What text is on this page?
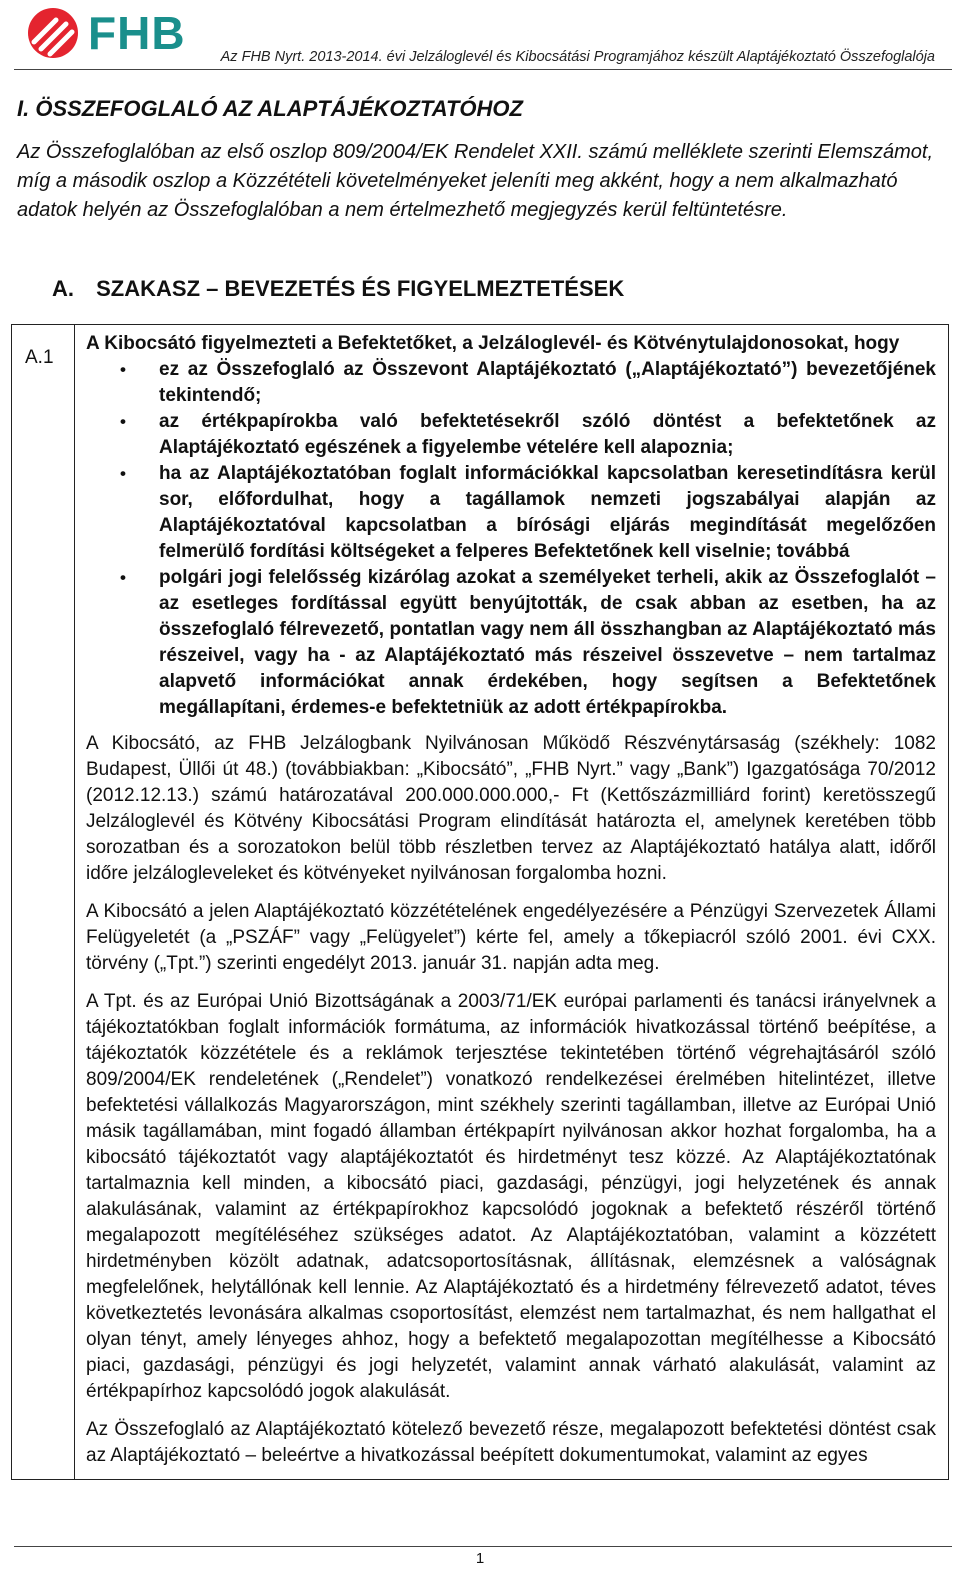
FHB Az FHB Nyrt. 2013-2014. évi Jelzáloglevél és Kibocsátási Programjához készült Alaptájékoztató Összefoglalója
I. ÖSSZEFOGLALÓ AZ ALAPTÁJÉKOZTATÓHOZ
Az Összefoglalóban az első oszlop 809/2004/EK Rendelet XXII. számú melléklete szerinti Elemszámot, míg a második oszlop a Közzétételi követelményeket jeleníti meg akként, hogy a nem alkalmazható adatok helyén az Összefoglalóban a nem értelmezhető megjegyzés kerül feltüntetésre.
A. SZAKASZ – BEVEZETÉS ÉS FIGYELMEZTETÉSEK
A.1
A Kibocsátó figyelmezteti a Befektetőket, a Jelzáloglevél- és Kötvénytulajdonosokat, hogy
• ez az Összefoglaló az Összevont Alaptájékoztató („Alaptájékoztató”) bevezetőjének tekintendő;
• az értékpapírokba való befektetésekről szóló döntést a befektetőnek az Alaptájékoztató egészének a figyelembe vételére kell alapoznia;
• ha az Alaptájékoztatóban foglalt információkkal kapcsolatban keresetindításra kerül sor, előfordulhat, hogy a tagállamok nemzeti jogszabályai alapján az Alaptájékoztatóval kapcsolatban a bírósági eljárás megindítását megelőzően felmerülő fordítási költségeket a felperes Befektetőnek kell viselnie; továbbá
• polgári jogi felelősség kizárólag azokat a személyeket terheli, akik az Összefoglalót – az esetleges fordítással együtt benyújtották, de csak abban az esetben, ha az összefoglaló félrevezető, pontatlan vagy nem áll összhangban az Alaptájékoztató más részeivel, vagy ha - az Alaptájékoztató más részeivel összevetve – nem tartalmaz alapvető információkat annak érdekében, hogy segítsen a Befektetőnek megállapítani, érdemes-e befektetniük az adott értékpapírokba.

A Kibocsátó, az FHB Jelzálogbank Nyilvánosan Működő Részvénytársaság (székhely: 1082 Budapest, Üllői út 48.) (továbbiakban: „Kibocsátó”, „FHB Nyrt.” vagy „Bank”) Igazgatósága 70/2012 (2012.12.13.) számú határozatával 200.000.000.000,- Ft (Kettőszázmilliárd forint) keretösszegű Jelzáloglevél és Kötvény Kibocsátási Program elindítását határozta el, amelynek keretében több sorozatban és a sorozatokon belül több részletben tervez az Alaptájékoztató hatálya alatt, időről időre jelzálogleveleket és kötvényeket nyilvánosan forgalomba hozni.

A Kibocsátó a jelen Alaptájékoztató közzétételének engedélyezésére a Pénzügyi Szervezetek Állami Felügyeletét (a „PSZÁF” vagy „Felügyelet”) kérte fel, amely a tőkepiacról szóló 2001. évi CXX. törvény („Tpt.”) szerinti engedélyt 2013. január 31. napján adta meg.

A Tpt. és az Európai Unió Bizottságának a 2003/71/EK európai parlamenti és tanácsi irányelvnek a tájékoztatókban foglalt információk formátuma, az információk hivatkozással történő beépítése, a tájékoztatók közzététele és a reklámok terjesztése tekintetében történő végrehajtásáról szóló 809/2004/EK rendeletének („Rendelet”) vonatkozó rendelkezései érelmében hitelintézet, illetve befektetési vállalkozás Magyarországon, mint székhely szerinti tagállamban, illetve az Európai Unió másik tagállamában, mint fogadó államban értékpapírt nyilvánosan akkor hozhat forgalomba, ha a kibocsátó tájékoztatót vagy alaptájékoztatót és hirdetményt tesz közzé. Az Alaptájékoztatónak tartalmaznia kell minden, a kibocsátó piaci, gazdasági, pénzügyi, jogi helyzetének és annak alakulásának, valamint az értékpapírokhoz kapcsolódó jogoknak a befektető részéről történő megalapozott megítéléséhez szükséges adatot. Az Alaptájékoztatóban, valamint a közzétett hirdetményben közölt adatnak, adatcsoportosításnak, állításnak, elemzésnek a valóságnak megfelelőnek, helytállónak kell lennie. Az Alaptájékoztató és a hirdetmény félrevezető adatot, téves következtetés levonására alkalmas csoportosítást, elemzést nem tartalmazhat, és nem hallgathat el olyan tényt, amely lényeges ahhoz, hogy a befektető megalapozottan megítélhesse a Kibocsátó piaci, gazdasági, pénzügyi és jogi helyzetét, valamint annak várható alakulását, valamint az értékpapírhoz kapcsolódó jogok alakulását.

Az Összefoglaló az Alaptájékoztató kötelező bevezető része, megalapozott befektetési döntést csak az Alaptájékoztató – beleértve a hivatkozással beépített dokumentumokat, valamint az egyes

1
